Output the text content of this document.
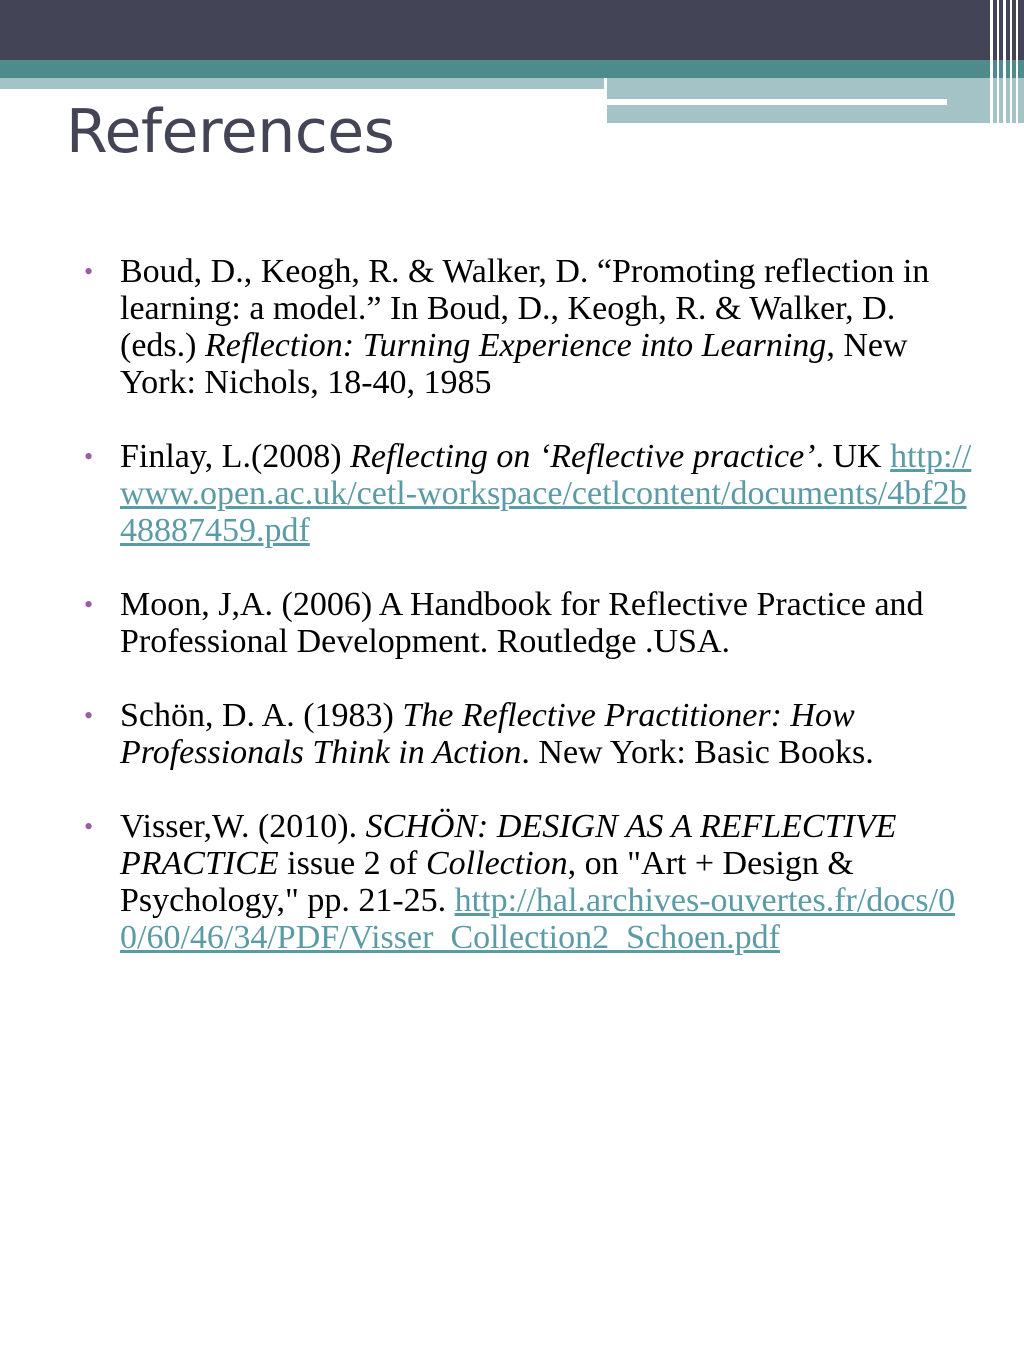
References
• Boud, D., Keogh, R. & Walker, D. “Promoting reflection in learning: a model.” In Boud, D., Keogh, R. & Walker, D. (eds.) Reflection: Turning Experience into Learning, New York: Nichols, 18-40, 1985
• Finlay, L.(2008) Reflecting on ‘Reflective practice’. UK http://www.open.ac.uk/cetl-workspace/cetlcontent/documents/4bf2b48887459.pdf
• Moon, J,A. (2006) A Handbook for Reflective Practice and Professional Development. Routledge .USA.
• Schön, D. A. (1983) The Reflective Practitioner: How Professionals Think in Action. New York: Basic Books.
• Visser,W. (2010). SCHÖN: DESIGN AS A REFLECTIVE PRACTICE issue 2 of Collection, on "Art + Design & Psychology," pp. 21-25. http://hal.archives-ouvertes.fr/docs/00/60/46/34/PDF/Visser_Collection2_Schoen.pdf
